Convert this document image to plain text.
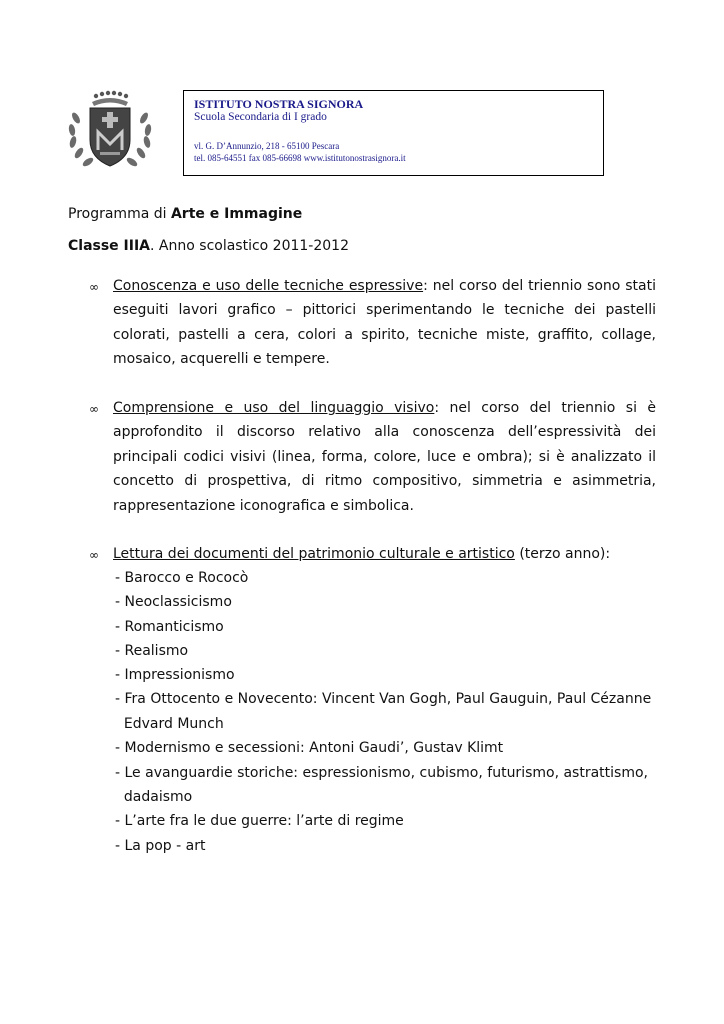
ISTITUTO NOSTRA SIGNORA
Scuola Secondaria di I grado
vl. G. D’Annunzio, 218 - 65100 Pescara
tel. 085-64551 fax 085-66698 www.istitutonostrasignora.it
Programma di Arte e Immagine
Classe IIIA. Anno scolastico 2011-2012
∞ Conoscenza e uso delle tecniche espressive: nel corso del triennio sono stati eseguiti lavori grafico – pittorici sperimentando le tecniche dei pastelli colorati, pastelli a cera, colori a spirito, tecniche miste, graffito, collage, mosaico, acquerelli e tempere.
∞ Comprensione e uso del linguaggio visivo: nel corso del triennio si è approfondito il discorso relativo alla conoscenza dell’espressività dei principali codici visivi (linea, forma, colore, luce e ombra); si è analizzato il concetto di prospettiva, di ritmo compositivo, simmetria e asimmetria, rappresentazione iconografica e simbolica.
∞ Lettura dei documenti del patrimonio culturale e artistico (terzo anno):
- Barocco e Rococò
- Neoclassicismo
- Romanticismo
- Realismo
- Impressionismo
- Fra Ottocento e Novecento: Vincent Van Gogh, Paul Gauguin, Paul Cézanne
Edvard Munch
- Modernismo e secessioni: Antoni Gaudi’, Gustav Klimt
- Le avanguardie storiche: espressionismo, cubismo, futurismo, astrattismo,
dadaismo
- L’arte fra le due guerre: l’arte di regime
- La pop - art
